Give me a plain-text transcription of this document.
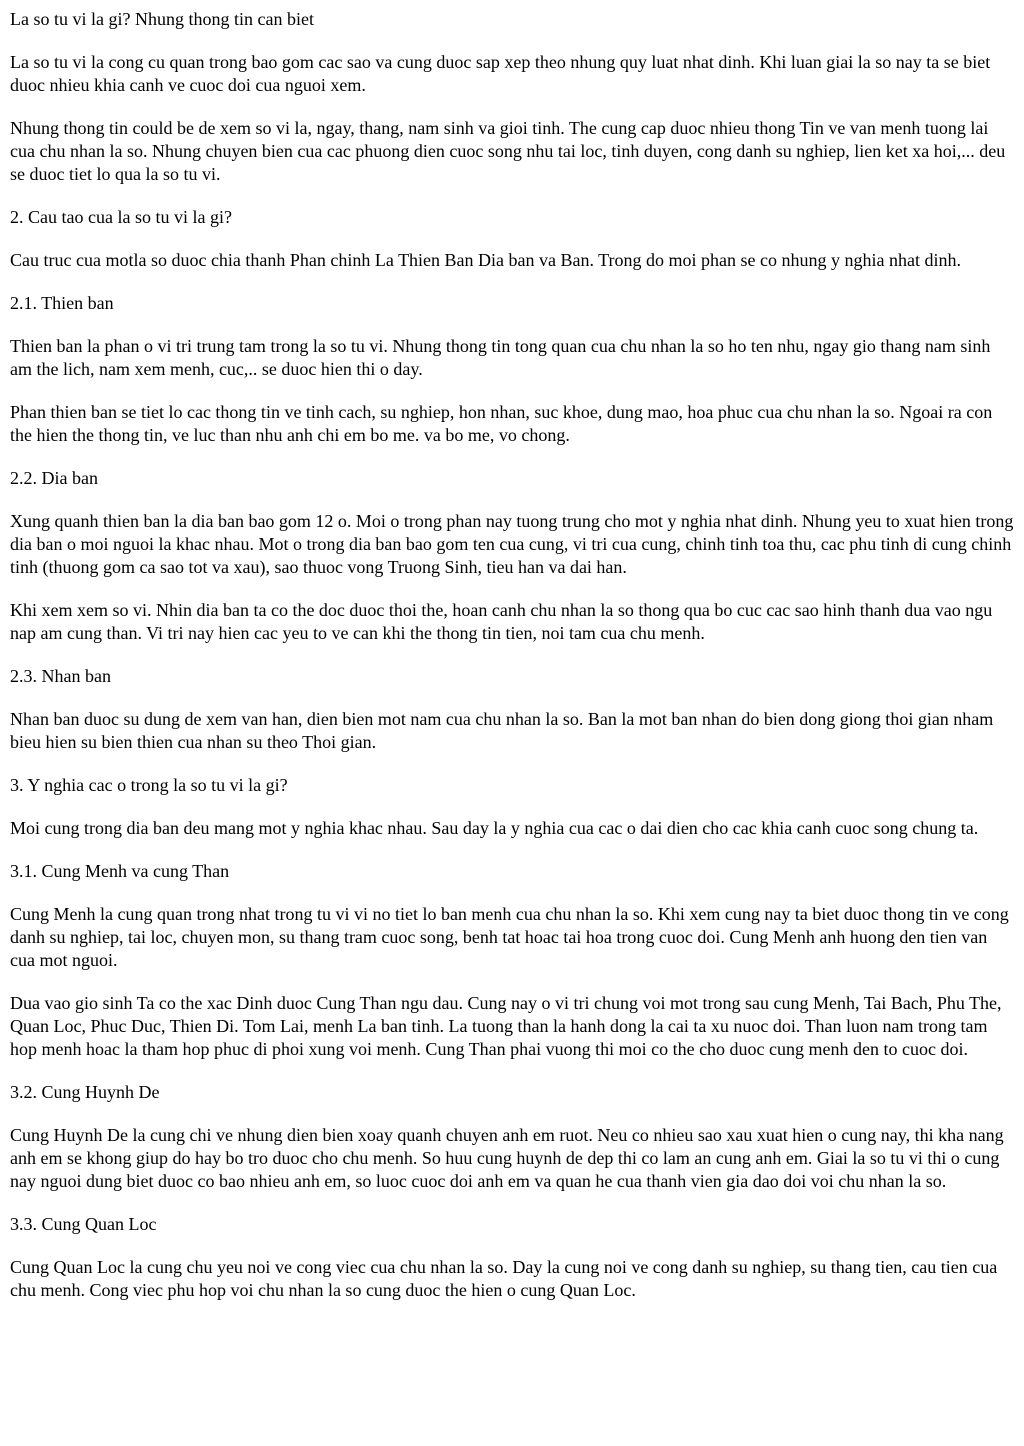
La so tu vi la gi? Nhung thong tin can biet

La so tu vi la cong cu quan trong bao gom cac sao va cung duoc sap xep theo nhung quy luat nhat dinh. Khi luan giai la so nay ta se biet duoc nhieu khia canh ve cuoc doi cua nguoi xem.

Nhung thong tin could be de xem so vi la, ngay, thang, nam sinh va gioi tinh. The cung cap duoc nhieu thong Tin ve van menh tuong lai cua chu nhan la so. Nhung chuyen bien cua cac phuong dien cuoc song nhu tai loc, tinh duyen, cong danh su nghiep, lien ket xa hoi,... deu se duoc tiet lo qua la so tu vi.

2. Cau tao cua la so tu vi la gi?

Cau truc cua motla so duoc chia thanh Phan chinh La Thien Ban Dia ban va Ban. Trong do moi phan se co nhung y nghia nhat dinh.

2.1. Thien ban

Thien ban la phan o vi tri trung tam trong la so tu vi. Nhung thong tin tong quan cua chu nhan la so ho ten nhu, ngay gio thang nam sinh am the lich, nam xem menh, cuc,.. se duoc hien thi o day.

Phan thien ban se tiet lo cac thong tin ve tinh cach, su nghiep, hon nhan, suc khoe, dung mao, hoa phuc cua chu nhan la so. Ngoai ra con the hien the thong tin, ve luc than nhu anh chi em bo me. va bo me, vo chong.

2.2. Dia ban

Xung quanh thien ban la dia ban bao gom 12 o. Moi o trong phan nay tuong trung cho mot y nghia nhat dinh. Nhung yeu to xuat hien trong dia ban o moi nguoi la khac nhau. Mot o trong dia ban bao gom ten cua cung, vi tri cua cung, chinh tinh toa thu, cac phu tinh di cung chinh tinh (thuong gom ca sao tot va xau), sao thuoc vong Truong Sinh, tieu han va dai han.

Khi xem xem so vi. Nhin dia ban ta co the doc duoc thoi the, hoan canh chu nhan la so thong qua bo cuc cac sao hinh thanh dua vao ngu nap am cung than. Vi tri nay hien cac yeu to ve can khi the thong tin tien, noi tam cua chu menh.

2.3. Nhan ban

Nhan ban duoc su dung de xem van han, dien bien mot nam cua chu nhan la so. Ban la mot ban nhan do bien dong giong thoi gian nham bieu hien su bien thien cua nhan su theo Thoi gian.

3. Y nghia cac o trong la so tu vi la gi?

Moi cung trong dia ban deu mang mot y nghia khac nhau. Sau day la y nghia cua cac o dai dien cho cac khia canh cuoc song chung ta.

3.1. Cung Menh va cung Than

Cung Menh la cung quan trong nhat trong tu vi vi no tiet lo ban menh cua chu nhan la so. Khi xem cung nay ta biet duoc thong tin ve cong danh su nghiep, tai loc, chuyen mon, su thang tram cuoc song, benh tat hoac tai hoa trong cuoc doi. Cung Menh anh huong den tien van cua mot nguoi.

Dua vao gio sinh Ta co the xac Dinh duoc Cung Than ngu dau. Cung nay o vi tri chung voi mot trong sau cung Menh, Tai Bach, Phu The, Quan Loc, Phuc Duc, Thien Di. Tom Lai, menh La ban tinh. La tuong than la hanh dong la cai ta xu nuoc doi. Than luon nam trong tam hop menh hoac la tham hop phuc di phoi xung voi menh. Cung Than phai vuong thi moi co the cho duoc cung menh den to cuoc doi.

3.2. Cung Huynh De

Cung Huynh De la cung chi ve nhung dien bien xoay quanh chuyen anh em ruot. Neu co nhieu sao xau xuat hien o cung nay, thi kha nang anh em se khong giup do hay bo tro duoc cho chu menh. So huu cung huynh de dep thi co lam an cung anh em. Giai la so tu vi thi o cung nay nguoi dung biet duoc co bao nhieu anh em, so luoc cuoc doi anh em va quan he cua thanh vien gia dao doi voi chu nhan la so.

3.3. Cung Quan Loc

Cung Quan Loc la cung chu yeu noi ve cong viec cua chu nhan la so. Day la cung noi ve cong danh su nghiep, su thang tien, cau tien cua chu menh. Cong viec phu hop voi chu nhan la so cung duoc the hien o cung Quan Loc.
